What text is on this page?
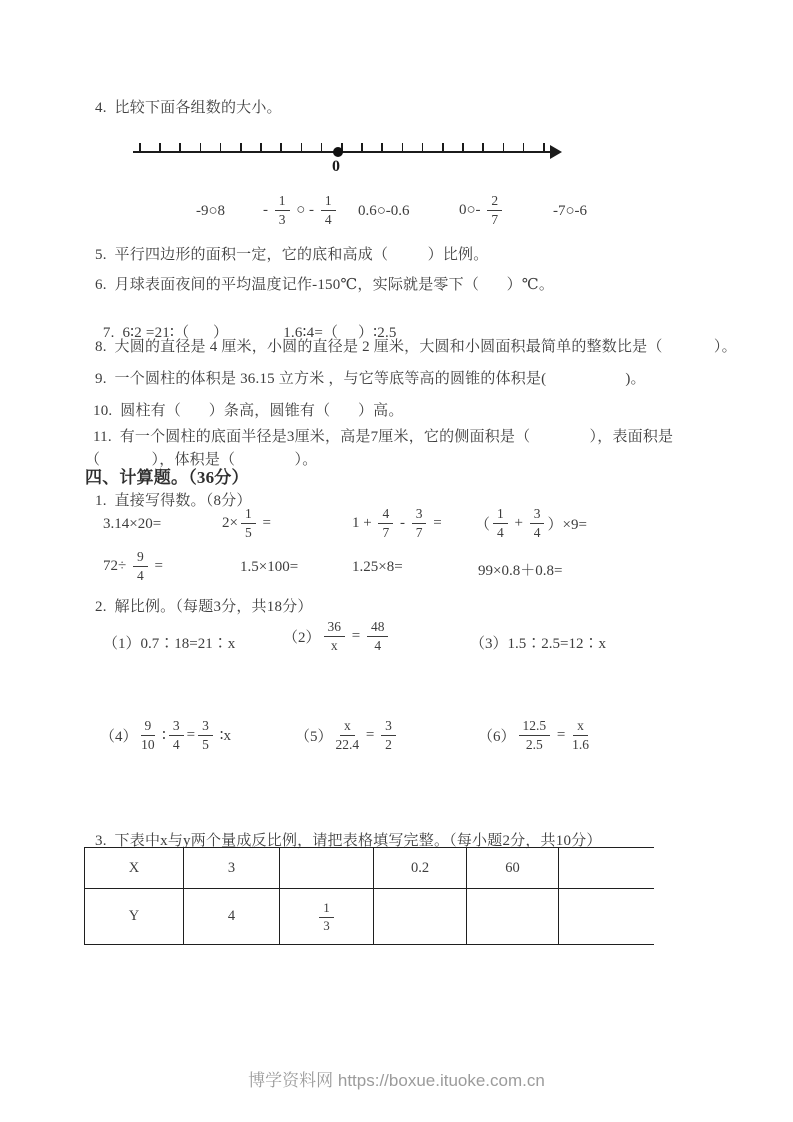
4.  比较下面各组数的大小。
0
-9○8	- $\frac{1}{3}$ ○ - $\frac{1}{4}$ 0.6○-0.6	0○- $\frac{2}{7}$	-7○-6
5.  平行四边形的面积一定，它的底和高成（          ）比例。
6.  月球表面夜间的平均温度记作-150℃，实际就是零下（       ）℃。

7.  6∶2 =21∶（      ）	1.6∶4=（     ）∶2.5

8.  大圆的直径是 4 厘米，小圆的直径是 2 厘米，大圆和小圆面积最简单的整数比是（             ）。
9.  一个圆柱的体积是 36.15 立方米 ，与它等底等高的圆锥的体积是(                    )。
10.  圆柱有（       ）条高，圆锥有（       ）高。
11.  有一个圆柱的底面半径是3厘米，高是7厘米，它的侧面积是（               ），表面积是
（             ），体积是（               ）。
四、计算题。（36分）
1.  直接写得数。（8分）
3.14×20=	$2\times \frac{1}{5}$ =	$1 + \frac{4}{7} - \frac{3}{7}$ = （ $\frac{1}{4} + \frac{3}{4} )\times 9=$
$72\div \frac{9}{4}$ =	1.5×100=	1.25×8=	99×0.8＋0.8=
2.  解比例。（每题3分，共18分）
（1）0.7∶18=21∶x	$(2) \frac{36}{x} = \frac{48}{4}$	（3）1.5∶2.5=12∶x
$(4) \frac{9}{10}$ ∶ $\frac{3}{4} = \frac{3}{5}$ ∶x	$(5) \frac{x}{22.4} = \frac{3}{2}$	$(6) \frac{12.5}{2.5} = \frac{x}{1.6}$
3.  下表中x与y两个量成反比例，请把表格填写完整。（每小题2分，共10分）
X	3		0.2	60	
Y	4	$\frac{1}{3}$

博学资料网 https://boxue.ituoke.com.cn
